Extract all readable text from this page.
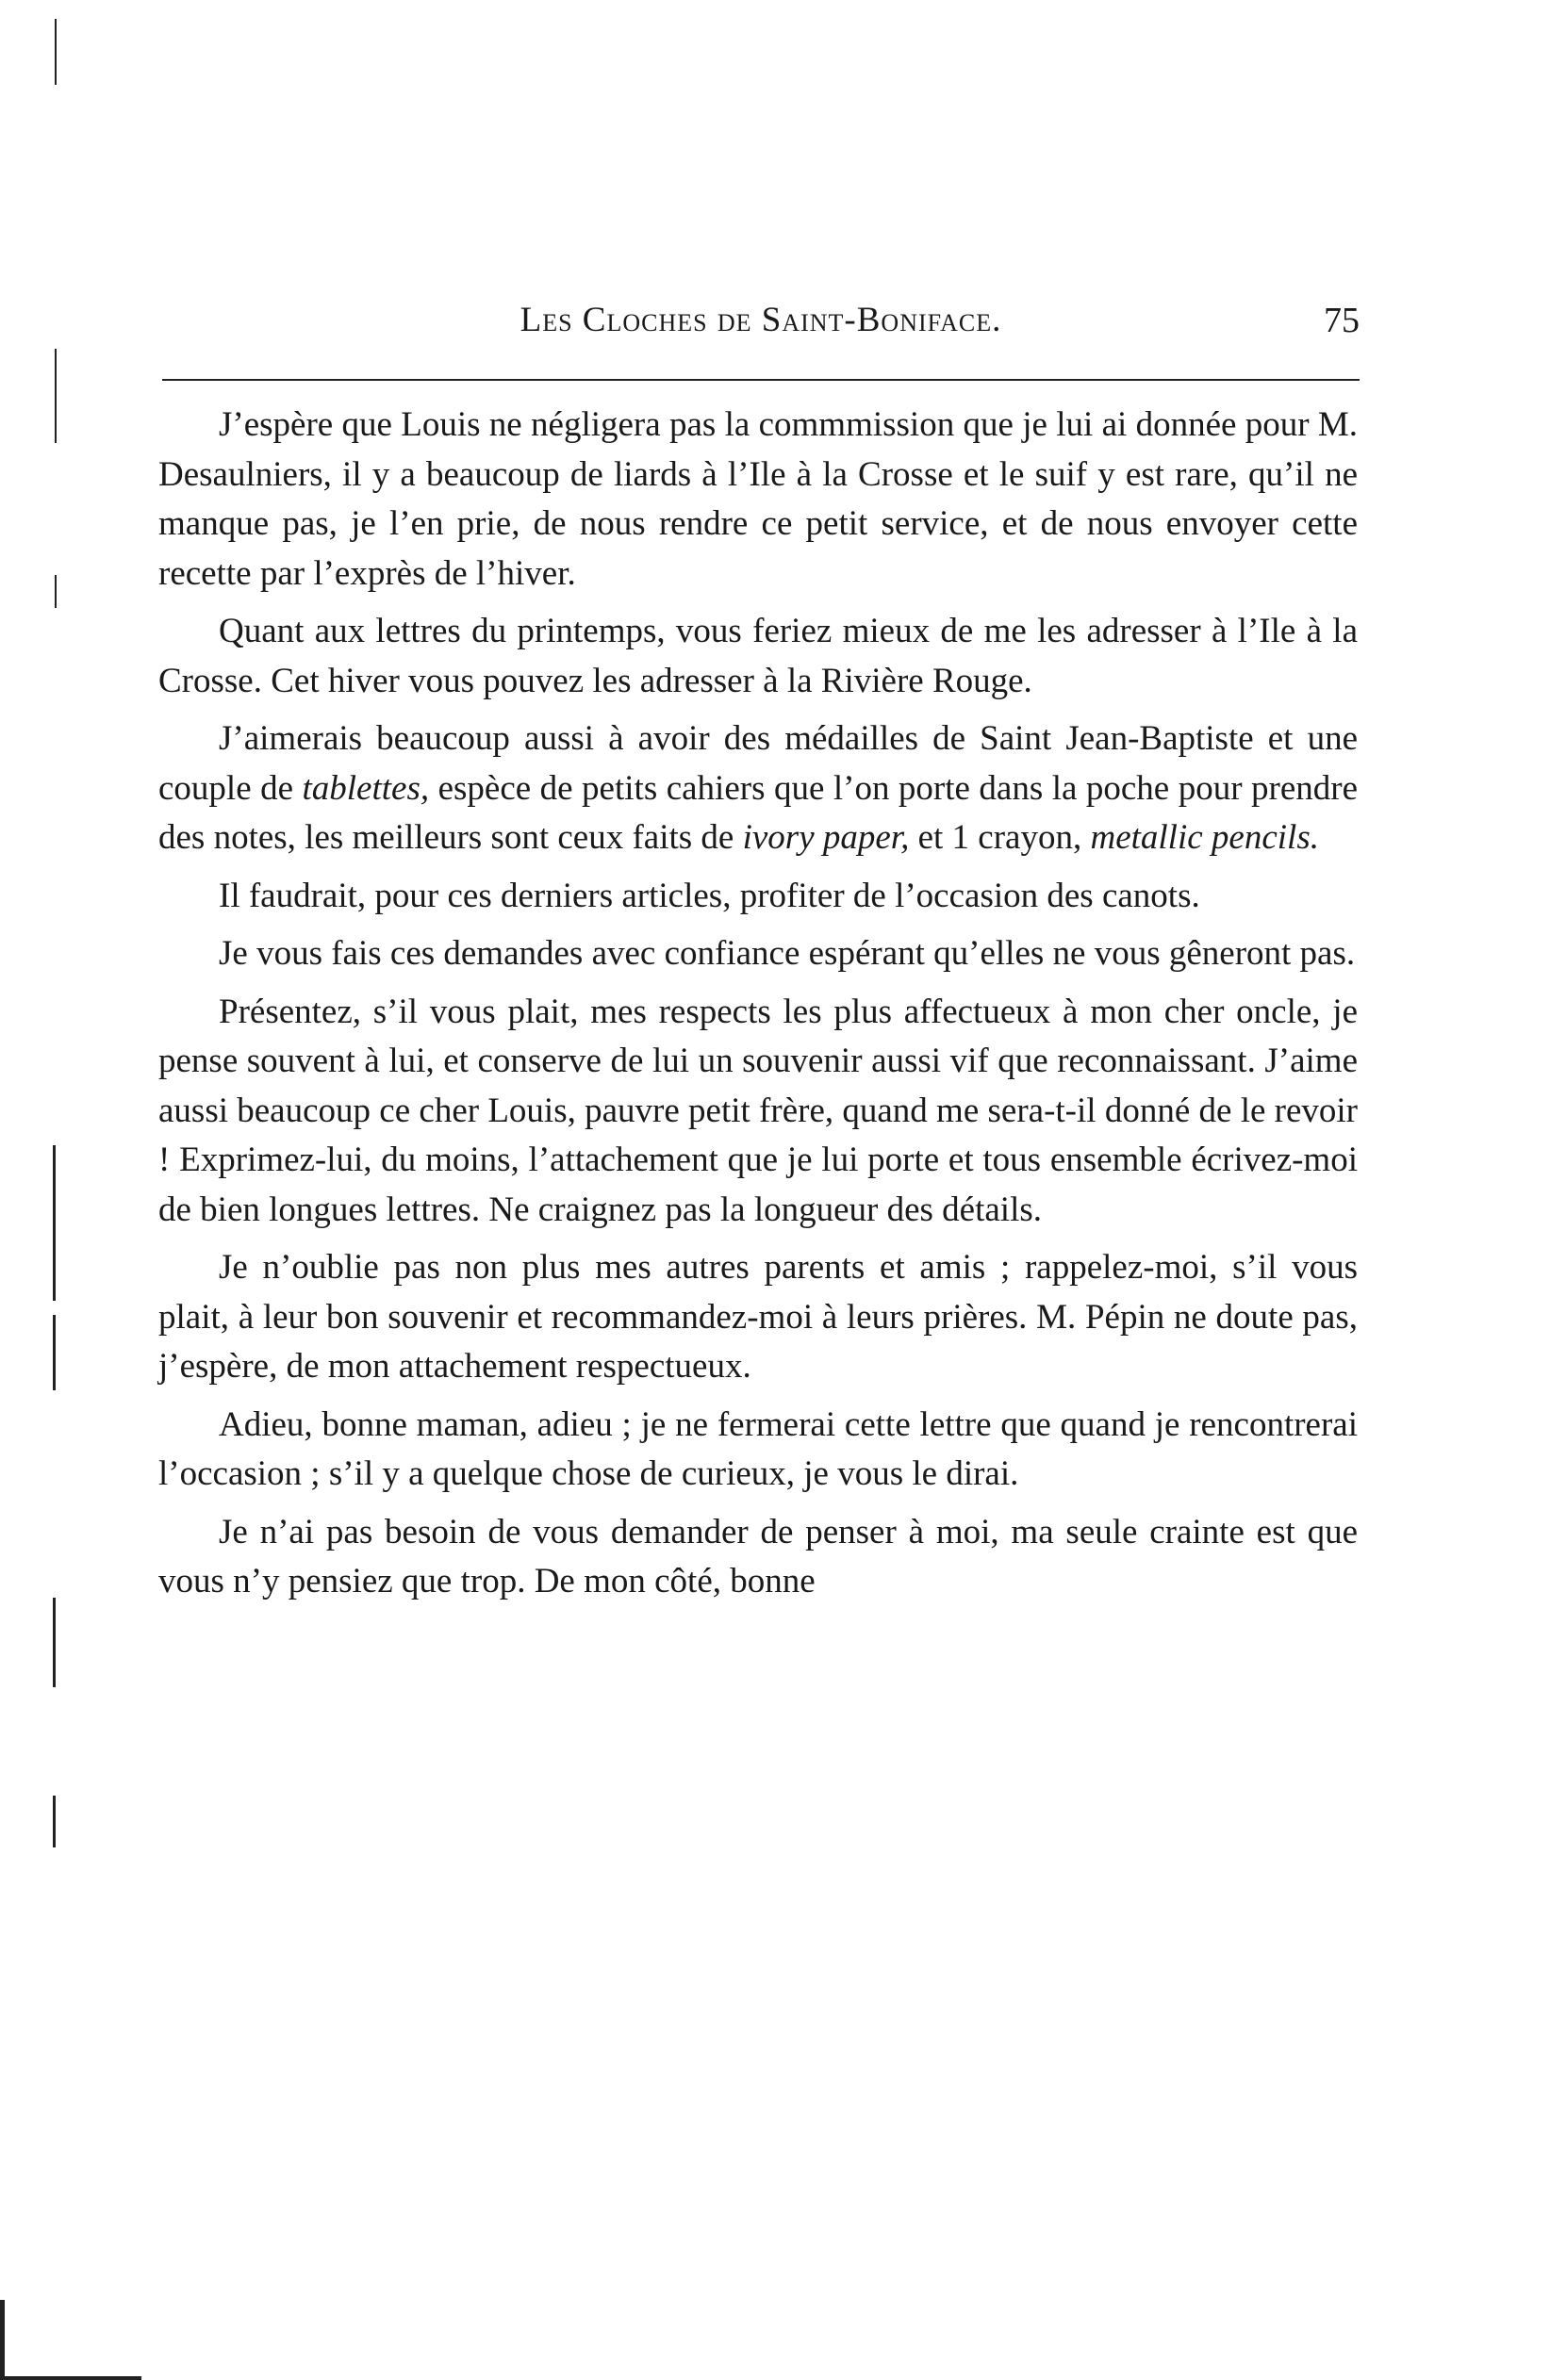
Les Cloches de Saint-Boniface.	75

J’espère que Louis ne négligera pas la commmission que je lui ai donnée pour M. Desaulniers, il y a beaucoup de liards à l’Ile à la Crosse et le suif y est rare, qu’il ne manque pas, je l’en prie, de nous rendre ce petit service, et de nous envoyer cette recette par l’exprès de l’hiver.

Quant aux lettres du printemps, vous feriez mieux de me les adresser à l’Ile à la Crosse. Cet hiver vous pouvez les adresser à la Rivière Rouge.

J’aimerais beaucoup aussi à avoir des médailles de Saint Jean-Baptiste et une couple de tablettes, espèce de petits cahiers que l’on porte dans la poche pour prendre des notes, les meilleurs sont ceux faits de ivory paper, et 1 crayon, metallic pencils.

Il faudrait, pour ces derniers articles, profiter de l’occasion des canots.

Je vous fais ces demandes avec confiance espérant qu’elles ne vous gêneront pas.

Présentez, s’il vous plait, mes respects les plus affectueux à mon cher oncle, je pense souvent à lui, et conserve de lui un souvenir aussi vif que reconnaissant. J’aime aussi beaucoup ce cher Louis, pauvre petit frère, quand me sera-t-il donné de le revoir ! Exprimez-lui, du moins, l’attachement que je lui porte et tous ensemble écrivez-moi de bien longues lettres. Ne craignez pas la longueur des détails.

Je n’oublie pas non plus mes autres parents et amis ; rappelez-moi, s’il vous plait, à leur bon souvenir et recommandez-moi à leurs prières. M. Pépin ne doute pas, j’espère, de mon attachement respectueux.

Adieu, bonne maman, adieu ; je ne fermerai cette lettre que quand je rencontrerai l’occasion ; s’il y a quelque chose de curieux, je vous le dirai.

Je n’ai pas besoin de vous demander de penser à moi, ma seule crainte est que vous n’y pensiez que trop. De mon côté, bonne
